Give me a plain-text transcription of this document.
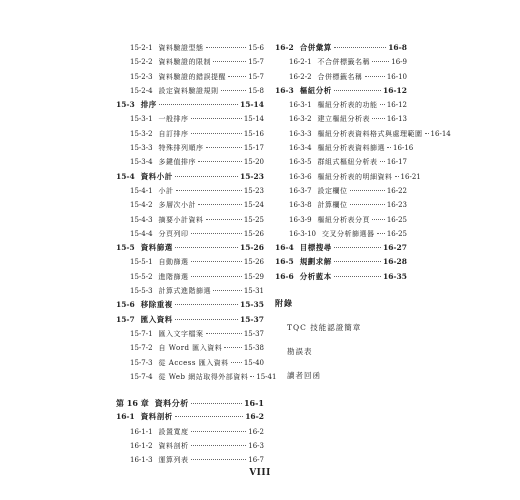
15-2-1 資料驗證型態	15-6
15-2-2 資料驗證的限制	15-7
15-2-3 資料驗證的錯誤提醒	15-7
15-2-4 設定資料驗證規則	15-8
15-3 排序	15-14
15-3-1 一般排序	15-14
15-3-2 自訂排序	15-16
15-3-3 特殊排列順序	15-17
15-3-4 多鍵值排序	15-20
15-4 資料小計	15-23
15-4-1 小計	15-23
15-4-2 多層次小計	15-24
15-4-3 摘要小計資料	15-25
15-4-4 分頁列印	15-26
15-5 資料篩選	15-26
15-5-1 自動篩選	15-26
15-5-2 進階篩選	15-29
15-5-3 計算式進階篩選	15-31
15-6 移除重複	15-35
15-7 匯入資料	15-37
15-7-1 匯入文字檔案	15-37
15-7-2 自 Word 匯入資料	15-38
15-7-3 從 Access 匯入資料 15-40
15-7-4 從 Web 網站取得外部資料 15-41
第 16 章 資料分析	16-1
16-1 資料剖析	16-2
16-1-1 設置寬度	16-2
16-1-2 資料剖析	16-3
16-1-3 運算列表	16-7
16-2 合併彙算	16-8
16-2-1 不合併標籤名稱	16-9
16-2-2 合併標籤名稱	16-10
16-3 樞紐分析	16-12
16-3-1 樞紐分析表的功能 16-12
16-3-2 建立樞紐分析表 16-13
16-3-3 樞紐分析表資料格式與處理範圍 16-14
16-3-4 樞紐分析表資料篩選 16-16
16-3-5 群組式樞紐分析表 16-17
16-3-6 樞紐分析表的明細資料 16-21
16-3-7 設定欄位	16-22
16-3-8 計算欄位	16-23
16-3-9 樞紐分析表分頁 16-25
16-3-10 交叉分析篩選器 16-25
16-4 目標搜尋	16-27
16-5 規劃求解	16-28
16-6 分析藍本	16-35
附錄
TQC 技能認證簡章
勘誤表
讀者回函
VIII
